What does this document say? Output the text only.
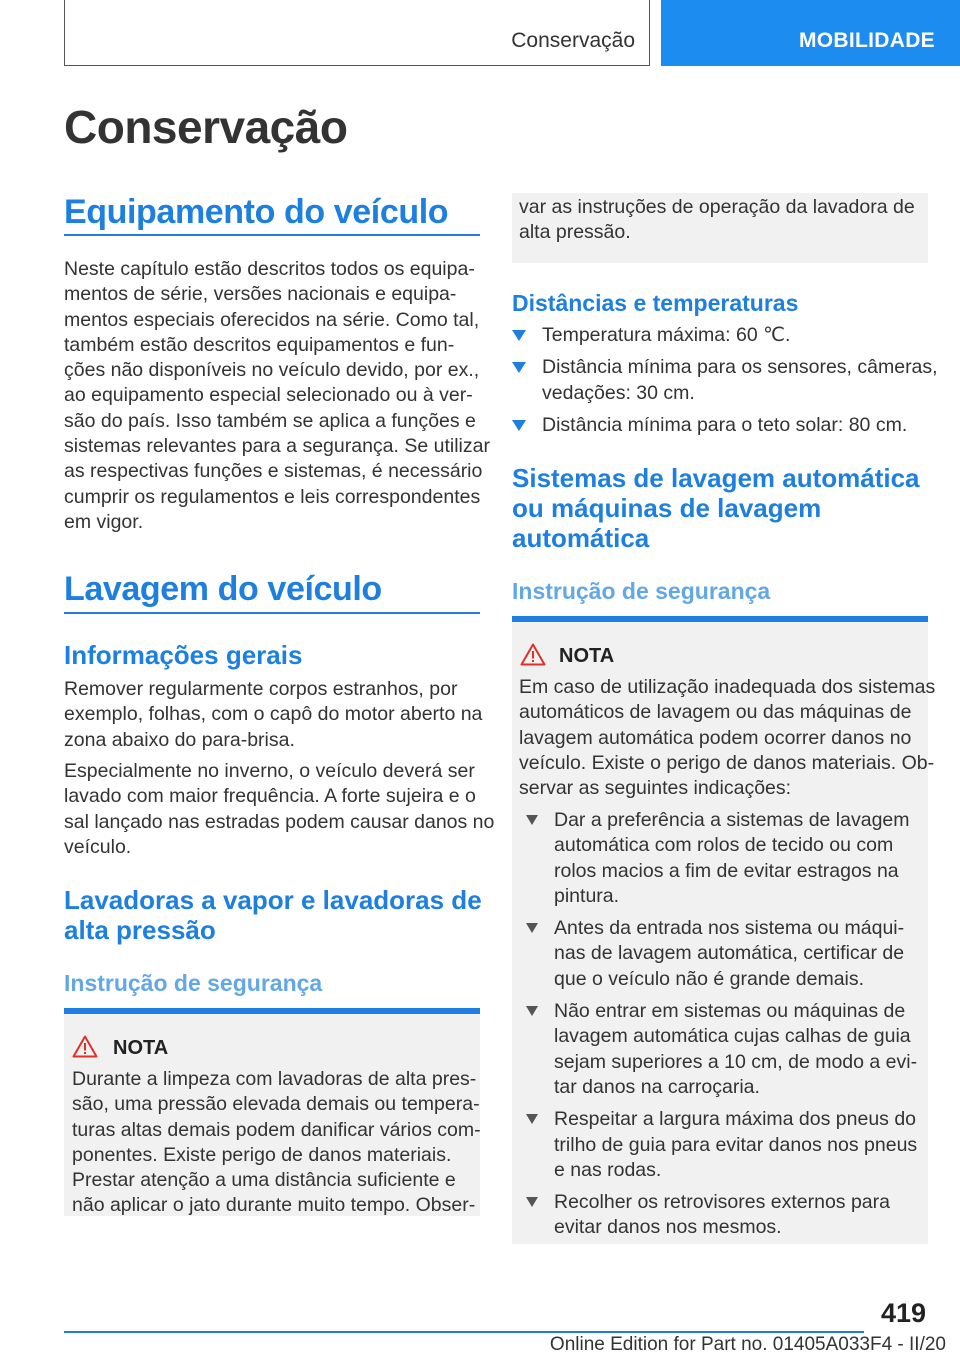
Conservação	MOBILIDADE
Conservação
Equipamento do veículo
Neste capítulo estão descritos todos os equipa-
mentos de série, versões nacionais e equipa-
mentos especiais oferecidos na série. Como tal,
também estão descritos equipamentos e fun-
ções não disponíveis no veículo devido, por ex.,
ao equipamento especial selecionado ou à ver-
são do país. Isso também se aplica a funções e
sistemas relevantes para a segurança. Se utilizar
as respectivas funções e sistemas, é necessário
cumprir os regulamentos e leis correspondentes
em vigor.
Lavagem do veículo
Informações gerais
Remover regularmente corpos estranhos, por
exemplo, folhas, com o capô do motor aberto na
zona abaixo do para-brisa.
Especialmente no inverno, o veículo deverá ser
lavado com maior frequência. A forte sujeira e o
sal lançado nas estradas podem causar danos no
veículo.
Lavadoras a vapor e lavadoras de
alta pressão
Instrução de segurança
NOTA
Durante a limpeza com lavadoras de alta pres-
são, uma pressão elevada demais ou tempera-
turas altas demais podem danificar vários com-
ponentes. Existe perigo de danos materiais.
Prestar atenção a uma distância suficiente e
não aplicar o jato durante muito tempo. Obser-
var as instruções de operação da lavadora de
alta pressão.
Distâncias e temperaturas
Temperatura máxima: 60 ℃.
Distância mínima para os sensores, câmeras,
vedações: 30 cm.
Distância mínima para o teto solar: 80 cm.
Sistemas de lavagem automática
ou máquinas de lavagem
automática
Instrução de segurança
NOTA
Em caso de utilização inadequada dos sistemas
automáticos de lavagem ou das máquinas de
lavagem automática podem ocorrer danos no
veículo. Existe o perigo de danos materiais. Ob-
servar as seguintes indicações:
Dar a preferência a sistemas de lavagem
automática com rolos de tecido ou com
rolos macios a fim de evitar estragos na
pintura.
Antes da entrada nos sistema ou máqui-
nas de lavagem automática, certificar de
que o veículo não é grande demais.
Não entrar em sistemas ou máquinas de
lavagem automática cujas calhas de guia
sejam superiores a 10 cm, de modo a evi-
tar danos na carroçaria.
Respeitar a largura máxima dos pneus do
trilho de guia para evitar danos nos pneus
e nas rodas.
Recolher os retrovisores externos para
evitar danos nos mesmos.
419
Online Edition for Part no. 01405A033F4 - II/20
